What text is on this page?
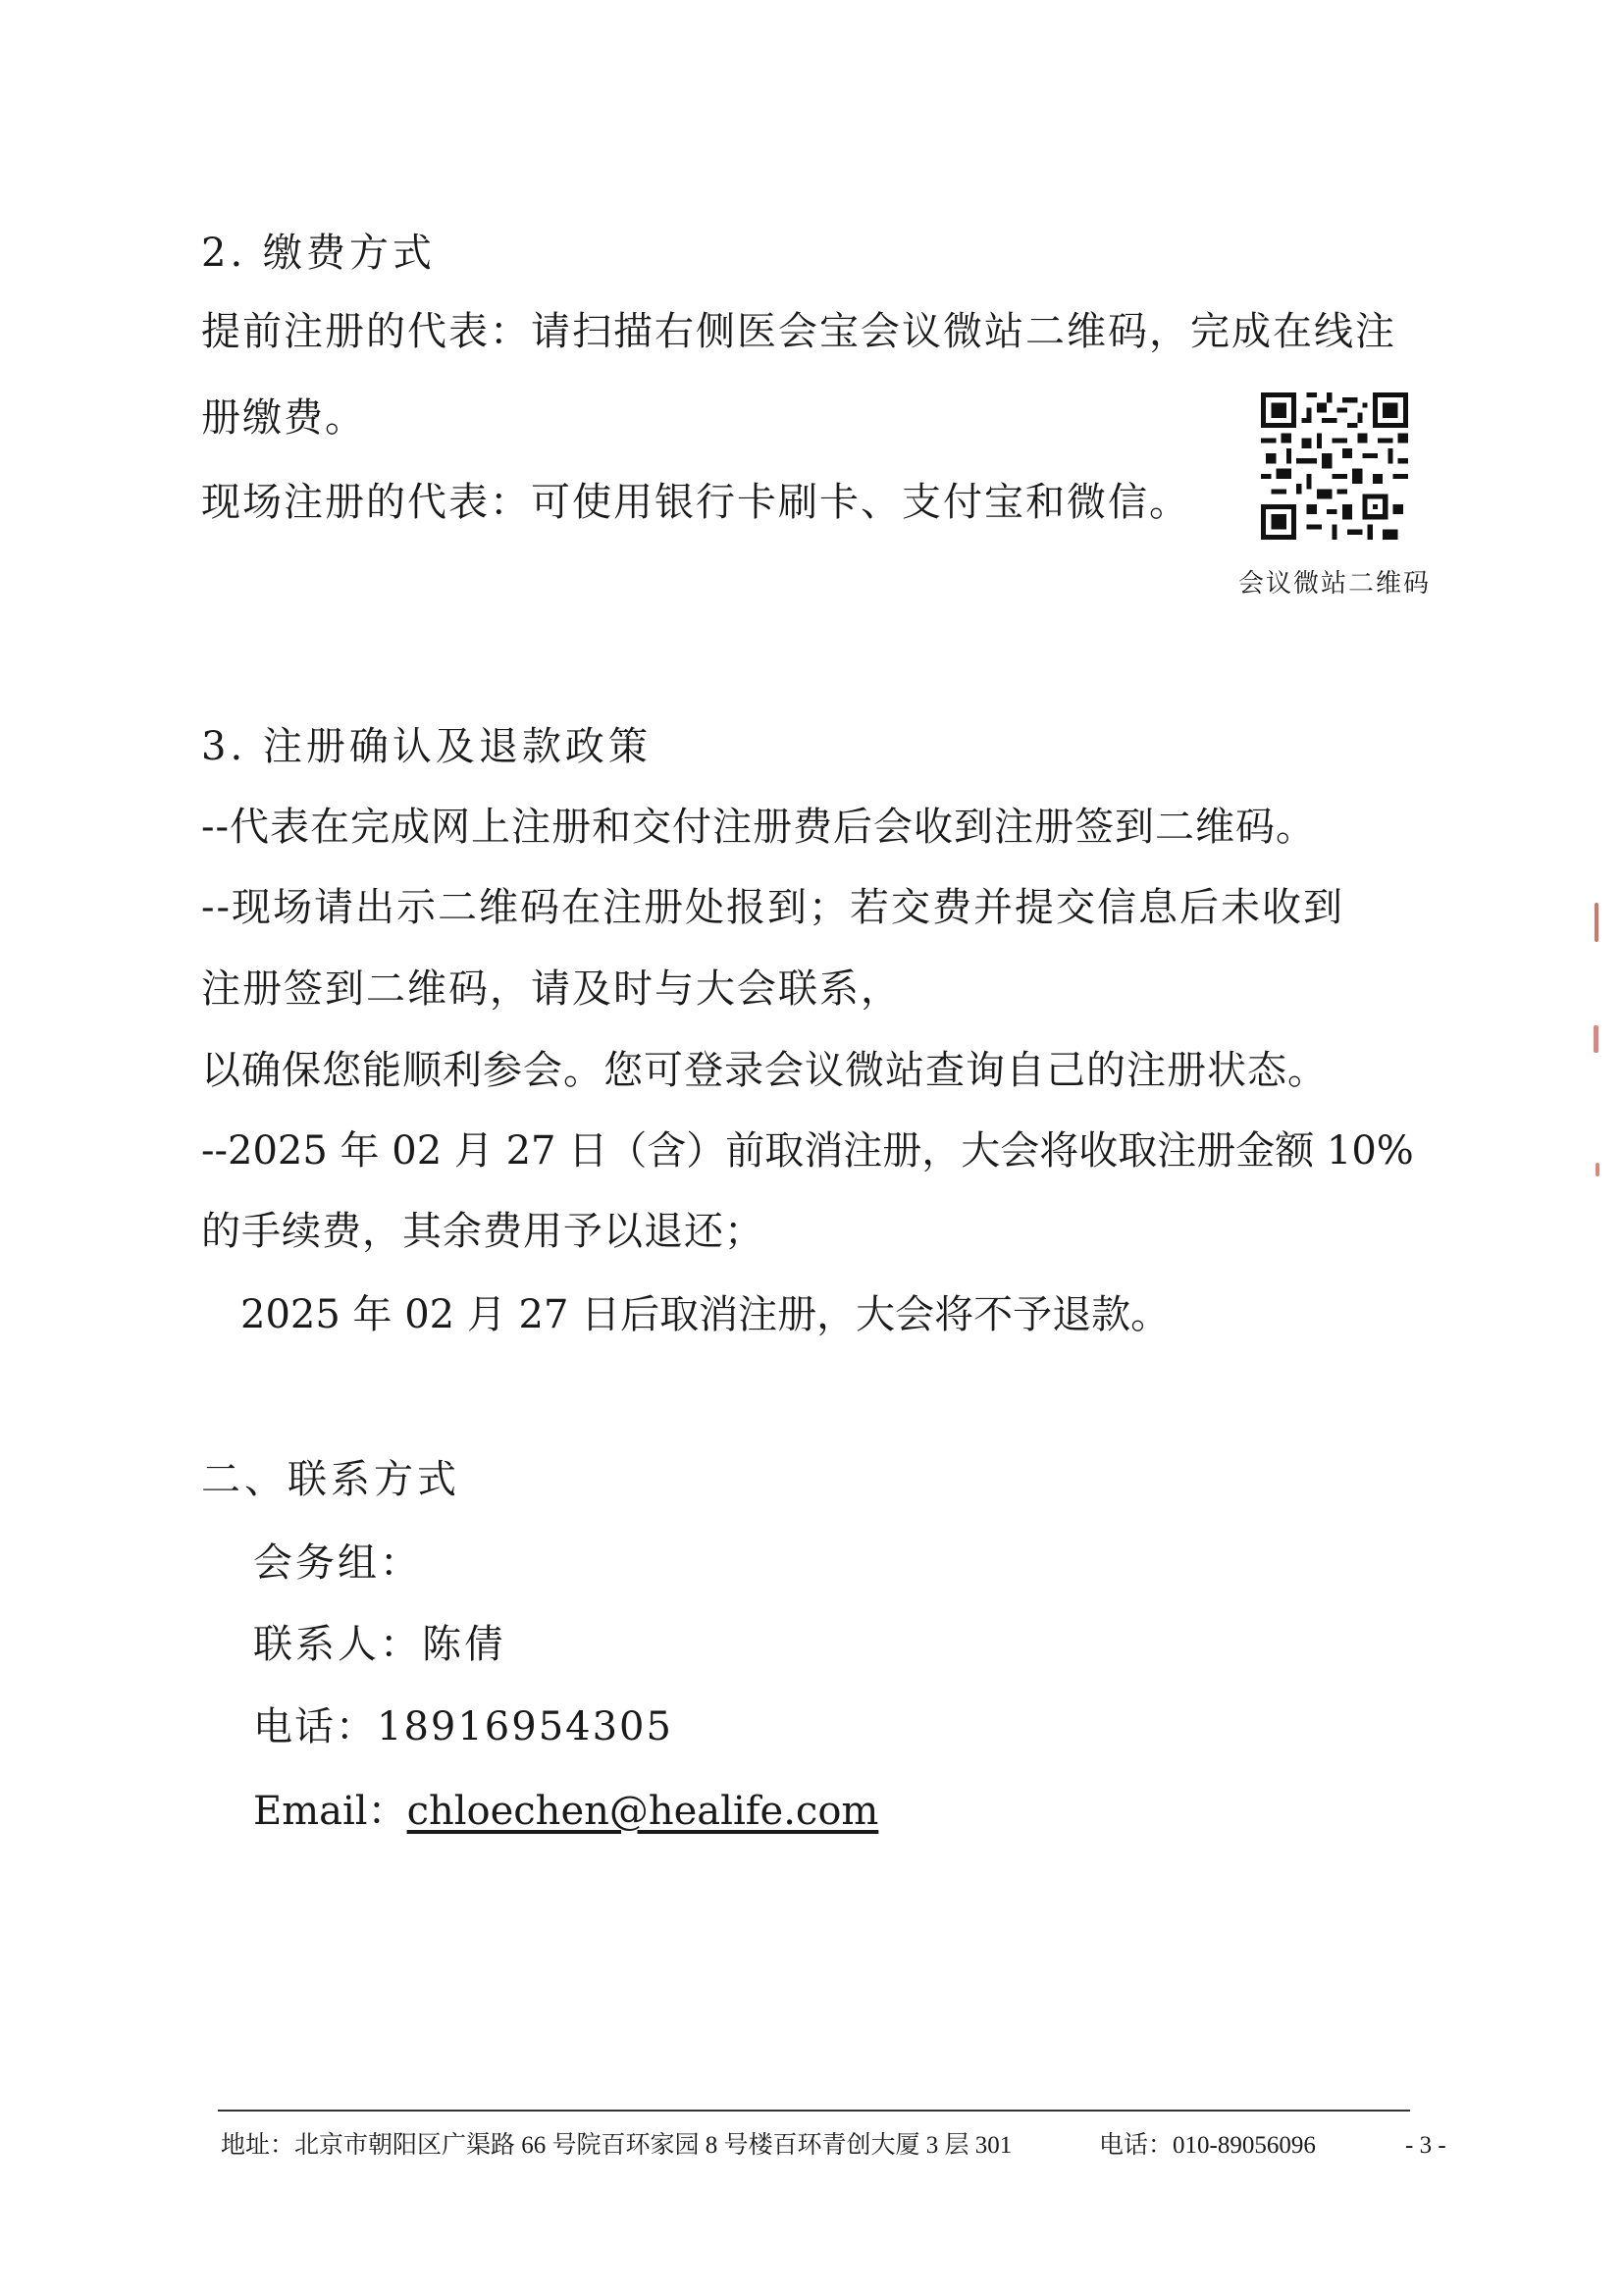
2. 缴费方式
提前注册的代表：请扫描右侧医会宝会议微站二维码，完成在线注
册缴费。
现场注册的代表：可使用银行卡刷卡、支付宝和微信。
会议微站二维码
3. 注册确认及退款政策
--代表在完成网上注册和交付注册费后会收到注册签到二维码。
--现场请出示二维码在注册处报到；若交费并提交信息后未收到
注册签到二维码，请及时与大会联系，
以确保您能顺利参会。您可登录会议微站查询自己的注册状态。
--2025 年 02 月 27 日（含）前取消注册，大会将收取注册金额 10%
的手续费，其余费用予以退还；
2025 年 02 月 27 日后取消注册，大会将不予退款。
二、联系方式
会务组：
联系人：陈倩
电话：18916954305
Email：chloechen@healife.com
地址：北京市朝阳区广渠路 66 号院百环家园 8 号楼百环青创大厦 3 层 301	电话：010-89056096	- 3 -
